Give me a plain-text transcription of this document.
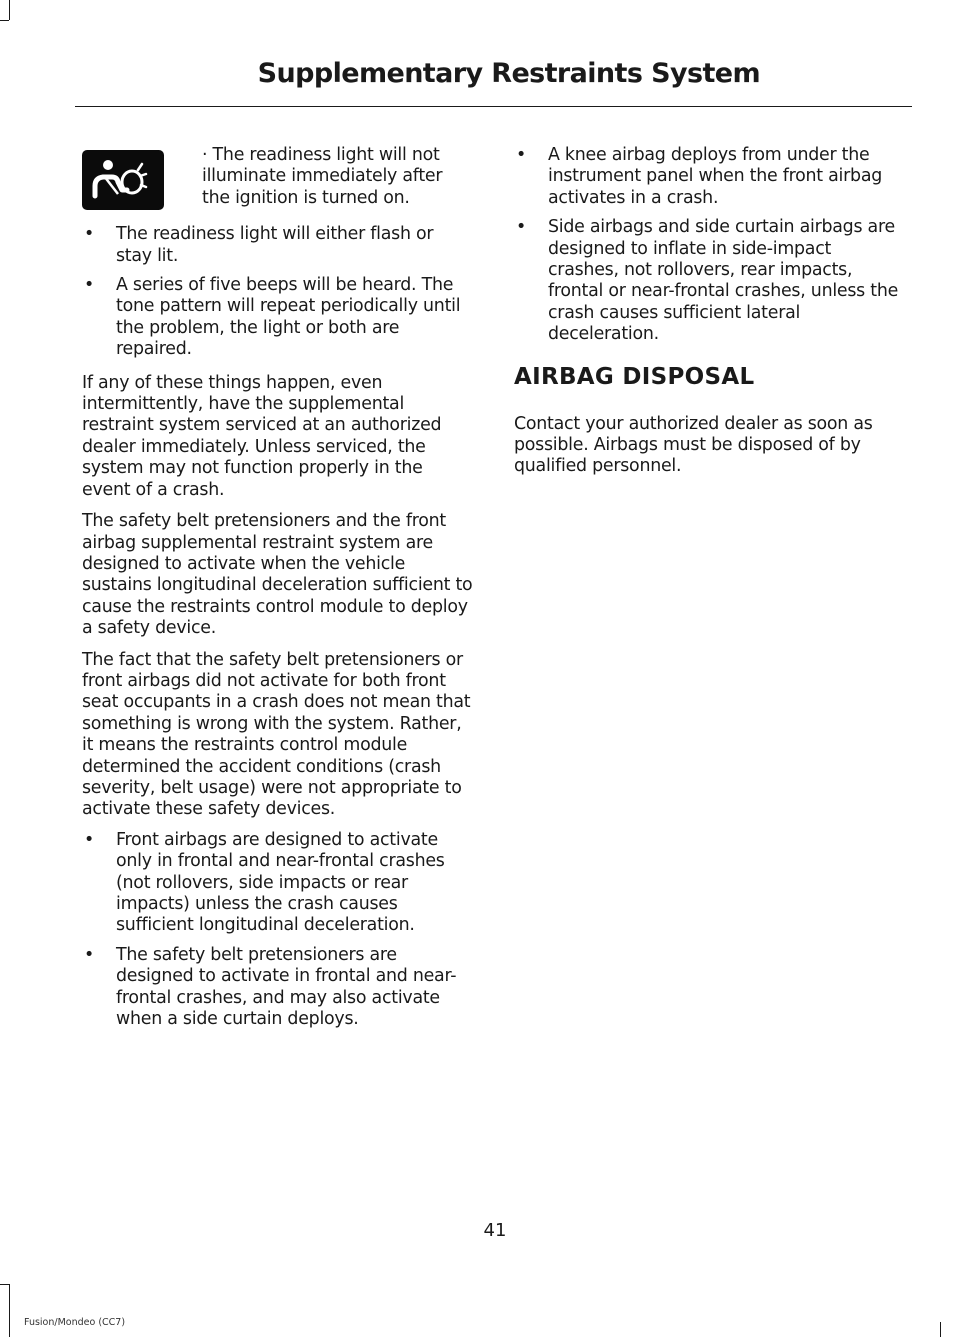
Supplementary Restraints System

· The readiness light will not illuminate immediately after the ignition is turned on.

• The readiness light will either flash or stay lit.
• A series of five beeps will be heard. The tone pattern will repeat periodically until the problem, the light or both are repaired.

If any of these things happen, even intermittently, have the supplemental restraint system serviced at an authorized dealer immediately. Unless serviced, the system may not function properly in the event of a crash.

The safety belt pretensioners and the front airbag supplemental restraint system are designed to activate when the vehicle sustains longitudinal deceleration sufficient to cause the restraints control module to deploy a safety device.

The fact that the safety belt pretensioners or front airbags did not activate for both front seat occupants in a crash does not mean that something is wrong with the system. Rather, it means the restraints control module determined the accident conditions (crash severity, belt usage) were not appropriate to activate these safety devices.

• Front airbags are designed to activate only in frontal and near-frontal crashes (not rollovers, side impacts or rear impacts) unless the crash causes sufficient longitudinal deceleration.
• The safety belt pretensioners are designed to activate in frontal and near-frontal crashes, and may also activate when a side curtain deploys.
• A knee airbag deploys from under the instrument panel when the front airbag activates in a crash.
• Side airbags and side curtain airbags are designed to inflate in side-impact crashes, not rollovers, rear impacts, frontal or near-frontal crashes, unless the crash causes sufficient lateral deceleration.
AIRBAG DISPOSAL

Contact your authorized dealer as soon as possible. Airbags must be disposed of by qualified personnel.

41
Fusion/Mondeo (CC7)
